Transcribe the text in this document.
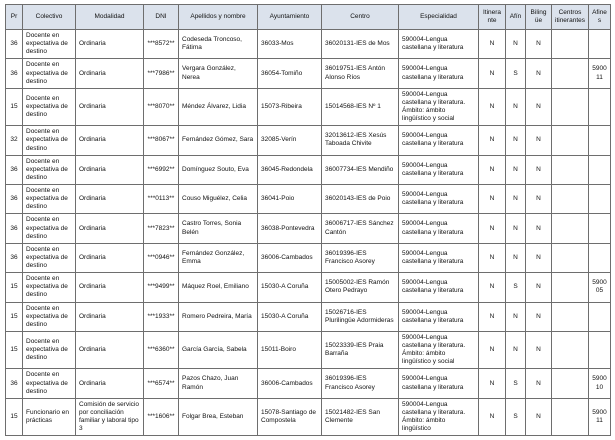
Pr	Colectivo	Modalidad	DNI	Apellidos y nombre	Ayuntamiento	Centro	Especialidad	Itinerante	Afín	Bilingüe	Centros itinerantes	Afines
36	Docente en expectativa de destino	Ordinaria	***8572**	Codeseda Troncoso, Fátima	36033-Mos	36020131-IES de Mos	590004-Lengua castellana y literatura	N	N	N		
36	Docente en expectativa de destino	Ordinaria	***7986**	Vergara González, Nerea	36054-Tomiño	36019751-IES Antón Alonso Ríos	590004-Lengua castellana y literatura	N	S	N		590011
15	Docente en expectativa de destino	Ordinaria	***8070**	Méndez Álvarez, Lidia	15073-Ribeira	15014568-IES Nº 1	590004-Lengua castellana y literatura. Ámbito: ámbito lingüístico y social	N	N	N		
32	Docente en expectativa de destino	Ordinaria	***8067**	Fernández Gómez, Sara	32085-Verín	32013612-IES Xesús Taboada Chivite	590004-Lengua castellana y literatura	N	N	N		
36	Docente en expectativa de destino	Ordinaria	***6992**	Domínguez Souto, Eva	36045-Redondela	36007734-IES Mendiño	590004-Lengua castellana y literatura	N	N	N		
36	Docente en expectativa de destino	Ordinaria	***0113**	Couso Miguélez, Celia	36041-Poio	36020143-IES de Poio	590004-Lengua castellana y literatura	N	N	N		
36	Docente en expectativa de destino	Ordinaria	***7823**	Castro Torres, Sonia Belén	36038-Pontevedra	36006717-IES Sánchez Cantón	590004-Lengua castellana y literatura	N	N	N		
36	Docente en expectativa de destino	Ordinaria	***0946**	Fernández González, Emma	36006-Cambados	36019396-IES Francisco Asorey	590004-Lengua castellana y literatura	N	N	N		
15	Docente en expectativa de destino	Ordinaria	***9499**	Máquez Roel, Emiliano	15030-A Coruña	15005002-IES Ramón Otero Pedrayo	590004-Lengua castellana y literatura	N	S	N		590005
15	Docente en expectativa de destino	Ordinaria	***1933**	Romero Pedreira, María	15030-A Coruña	15026716-IES Plurilingüe Adormideras	590004-Lengua castellana y literatura	N	N	N		
15	Docente en expectativa de destino	Ordinaria	***6360**	García García, Sabela	15011-Boiro	15023339-IES Praia Barraña	590004-Lengua castellana y literatura. Ámbito: ámbito lingüístico y social	N	N	N		
36	Docente en expectativa de destino	Ordinaria	***6574**	Pazos Chazo, Juan Ramón	36006-Cambados	36019396-IES Francisco Asorey	590004-Lengua castellana y literatura	N	S	N		590010
15	Funcionario en prácticas	Comisión de servicio por conciliación familiar y laboral tipo 3	***1606**	Folgar Brea, Esteban	15078-Santiago de Compostela	15021482-IES San Clemente	590004-Lengua castellana y literatura. Ámbito: ámbito lingüístico	N	S	N		590011
